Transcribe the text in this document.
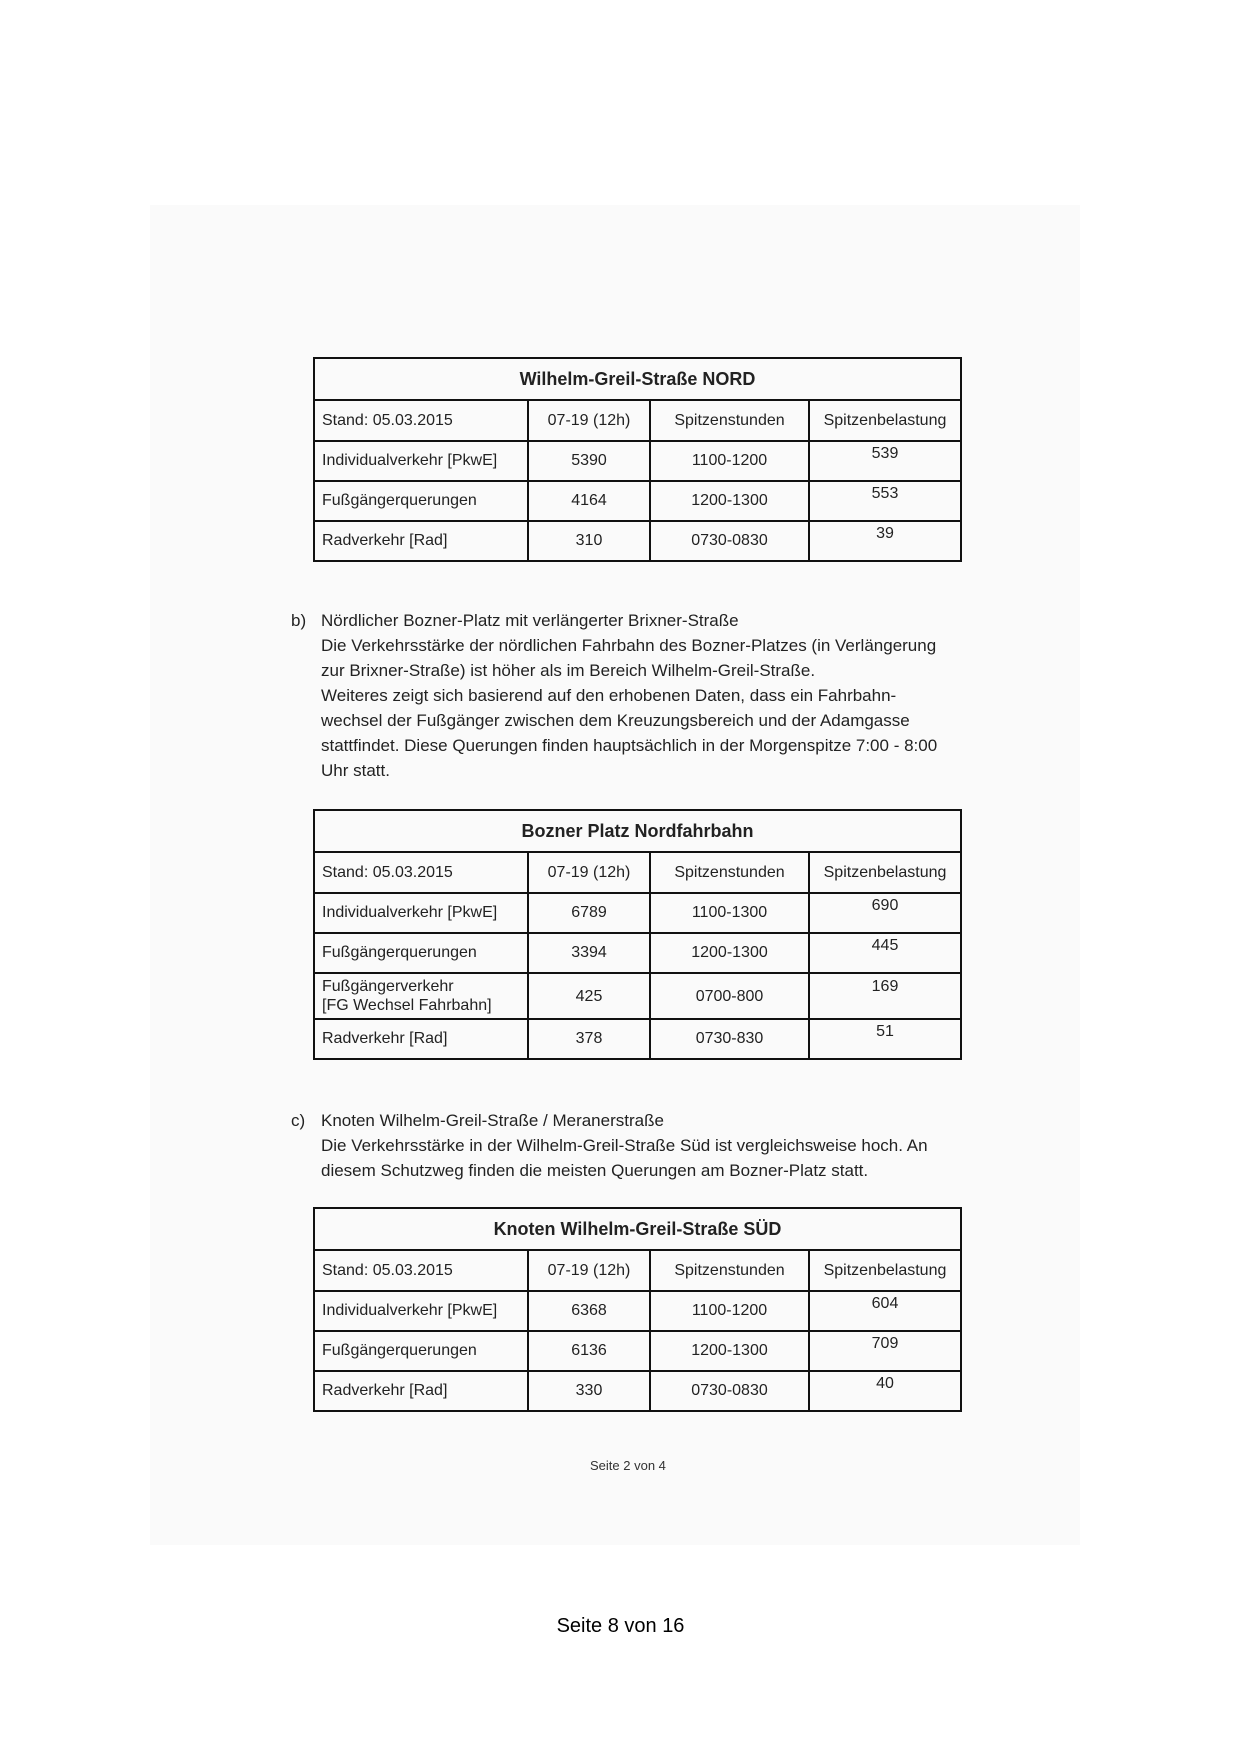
Wilhelm-Greil-Straße NORD			
Stand: 05.03.2015	07-19 (12h)	Spitzenstunden	Spitzenbelastung
Individualverkehr [PkwE]	5390	1100-1200	539
Fußgängerquerungen	4164	1200-1300	553
Radverkehr [Rad]	310	0730-0830	39
b) Nördlicher Bozner-Platz mit verlängerter Brixner-Straße
Die Verkehrsstärke der nördlichen Fahrbahn des Bozner-Platzes (in Verlängerung
zur Brixner-Straße) ist höher als im Bereich Wilhelm-Greil-Straße.
Weiteres zeigt sich basierend auf den erhobenen Daten, dass ein Fahrbahn-
wechsel der Fußgänger zwischen dem Kreuzungsbereich und der Adamgasse
stattfindet. Diese Querungen finden hauptsächlich in der Morgenspitze 7:00 - 8:00
Uhr statt.
Bozner Platz Nordfahrbahn			
Stand: 05.03.2015	07-19 (12h)	Spitzenstunden	Spitzenbelastung
Individualverkehr [PkwE]	6789	1100-1300	690
Fußgängerquerungen	3394	1200-1300	445

Fußgängerverkehr
[FG Wechsel Fahrbahn]	425	0700-800	169
Radverkehr [Rad]	378	0730-830	51
c) Knoten Wilhelm-Greil-Straße / Meranerstraße
Die Verkehrsstärke in der Wilhelm-Greil-Straße Süd ist vergleichsweise hoch. An
diesem Schutzweg finden die meisten Querungen am Bozner-Platz statt.
Knoten Wilhelm-Greil-Straße SÜD			
Stand: 05.03.2015	07-19 (12h)	Spitzenstunden	Spitzenbelastung
Individualverkehr [PkwE]	6368	1100-1200	604
Fußgängerquerungen	6136	1200-1300	709
Radverkehr [Rad]	330	0730-0830	40
Seite 2 von 4
Seite 8 von 16
